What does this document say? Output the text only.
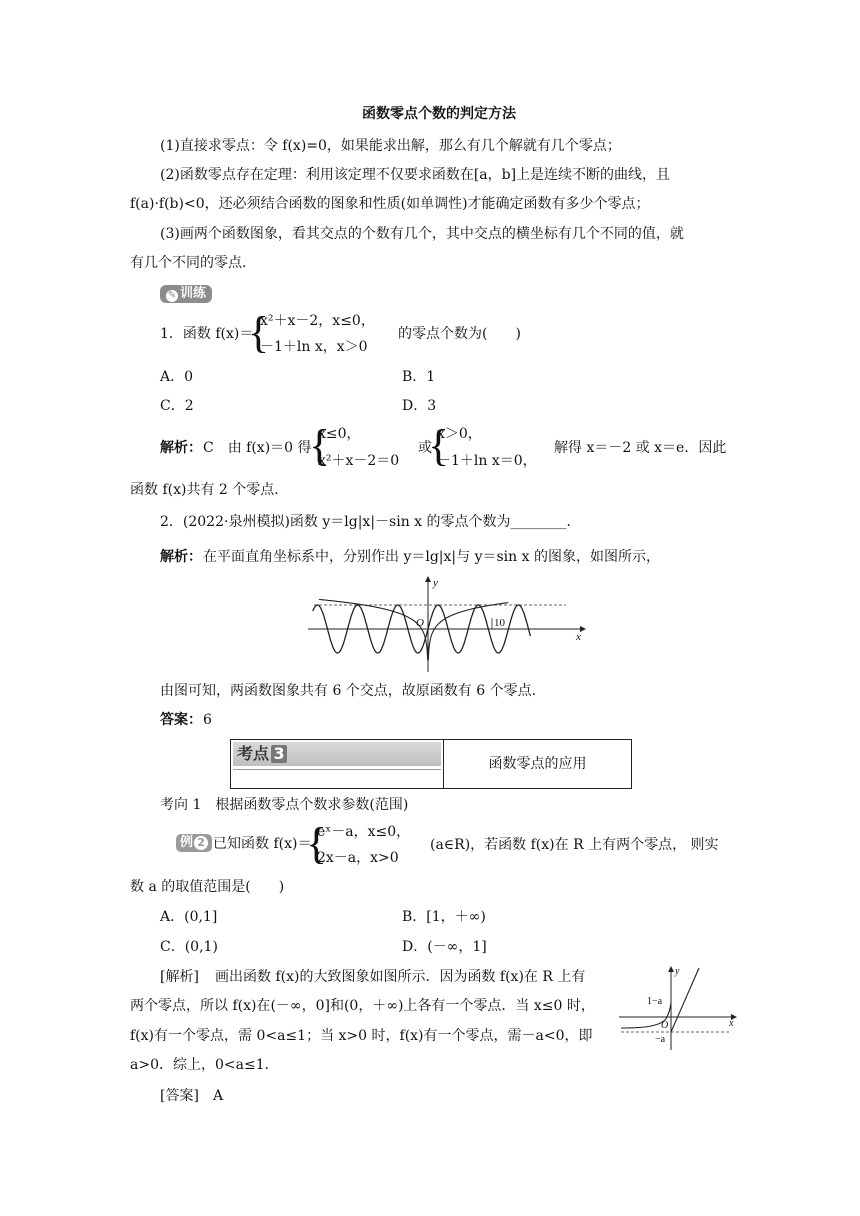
函数零点个数的判定方法
(1)直接求零点：令 f(x)=0，如果能求出解，那么有几个解就有几个零点；
(2)函数零点存在定理：利用该定理不仅要求函数在[a，b]上是连续不断的曲线，且
f(a)·f(b)<0，还必须结合函数的图象和性质(如单调性)才能确定函数有多少个零点；
(3)画两个函数图象，看其交点的个数有几个，其中交点的横坐标有几个不同的值，就
有几个不同的零点．
✎ 训练
1．函数 f(x)＝
{
x²＋x－2，x≤0，
－1＋ln x，x＞0
的零点个数为(　　)
A．0	B．1
C．2	D．3
解析： C　由 f(x)＝0 得
{
x≤0，
x²＋x－2＝0
或
{
x＞0，
－1＋ln x＝0，
解得 x＝－2 或 x＝e．因此
函数 f(x)共有 2 个零点．
2．(2022·泉州模拟)函数 y＝lg|x|－sin x 的零点个数为________．
解析： 在平面直角坐标系中，分别作出 y＝lg|x|与 y＝sin x 的图象，如图所示，
y
O	10
x
由图可知，两函数图象共有 6 个交点，故原函数有 6 个零点．
答案： 6
考点 3
函数零点的应用
考向 1　根据函数零点个数求参数(范围)
例 2 已知函数 f(x)＝
{
eˣ－a，x≤0，
2x－a，x>0
(a∈R)，若函数 f(x)在 R 上有两个零点， 则实
数 a 的取值范围是(　　)
A．(0,1]	B．[1，＋∞)
C．(0,1)	D．(－∞，1]
[解析] 画出函数 f(x)的大致图象如图所示．因为函数 f(x)在 R 上有
两个零点，所以 f(x)在(－∞，0]和(0，＋∞)上各有一个零点．当 x≤0 时，
f(x)有一个零点，需 0<a≤1；当 x>0 时，f(x)有一个零点，需－a<0，即
a>0．综上，0<a≤1．
[答案] A
y
1−a
O
−a
x
